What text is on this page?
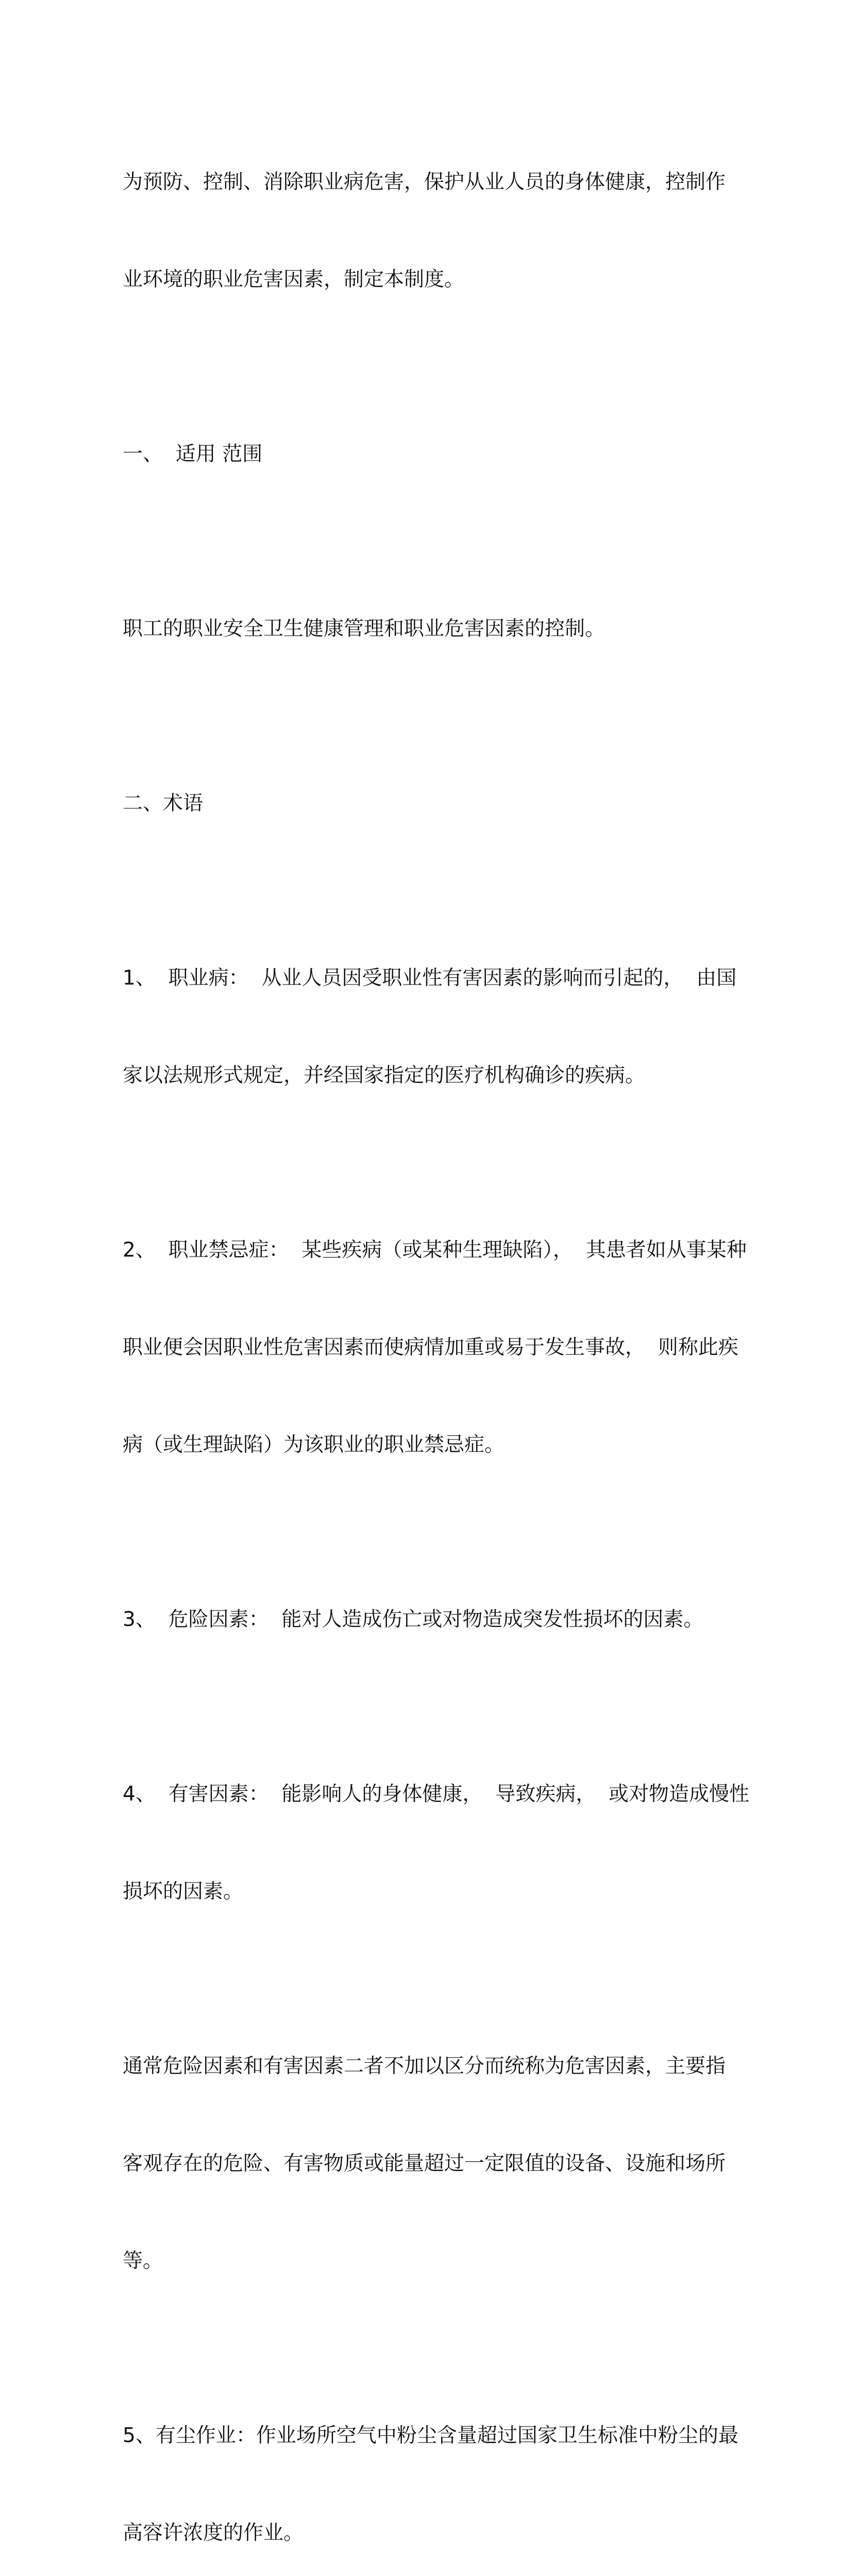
为预防、控制、消除职业病危害，保护从业人员的身体健康，控制作

业环境的职业危害因素，制定本制度。

一、  适用 范围

职工的职业安全卫生健康管理和职业危害因素的控制。

二、术语

1、  职业病：  从业人员因受职业性有害因素的影响而引起的，  由国

家以法规形式规定，并经国家指定的医疗机构确诊的疾病。

2、  职业禁忌症：  某些疾病（或某种生理缺陷），  其患者如从事某种

职业便会因职业性危害因素而使病情加重或易于发生事故，  则称此疾

病（或生理缺陷）为该职业的职业禁忌症。

3、  危险因素：  能对人造成伤亡或对物造成突发性损坏的因素。

4、  有害因素：  能影响人的身体健康，  导致疾病，  或对物造成慢性

损坏的因素。

通常危险因素和有害因素二者不加以区分而统称为危害因素，主要指

客观存在的危险、有害物质或能量超过一定限值的设备、设施和场所

等。

5、有尘作业：作业场所空气中粉尘含量超过国家卫生标准中粉尘的最

高容许浓度的作业。
